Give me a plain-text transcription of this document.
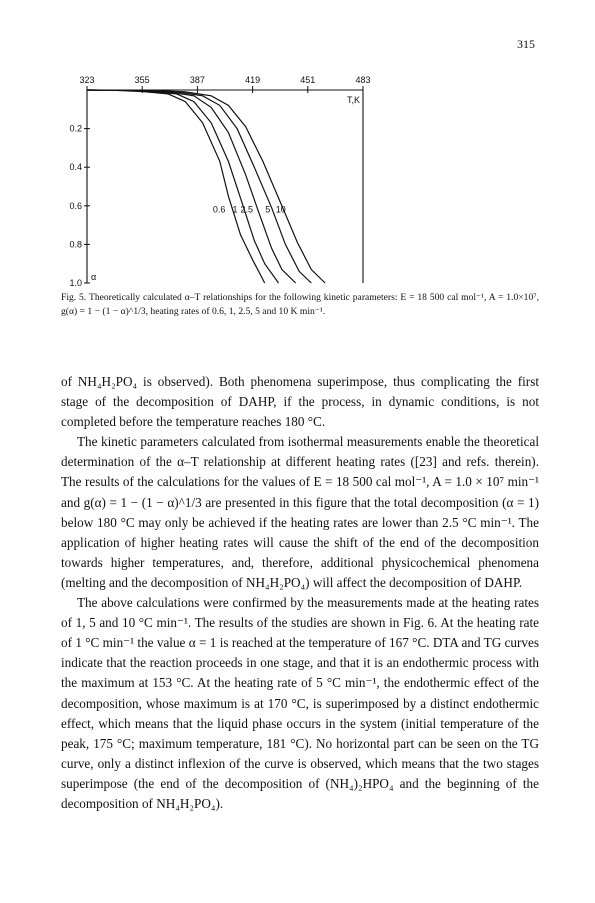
315
323	355	387	419	451	483
T,K
0.2
0.4
0.6
0.8
1.0
α
0.6 1 2.5 5 10
Fig. 5. Theoretically calculated α–T relationships for the following kinetic parameters: E = 18 500 cal mol⁻¹, A = 1.0×10⁷, g(α) = 1 − (1 − α)^1/3, heating rates of 0.6, 1, 2.5, 5 and 10 K min⁻¹.

of NH₄H₂PO₄ is observed). Both phenomena superimpose, thus complicating the first stage of the decomposition of DAHP, if the process, in dynamic conditions, is not completed before the temperature reaches 180 °C.

The kinetic parameters calculated from isothermal measurements enable the theoretical determination of the α–T relationship at different heating rates ([23] and refs. therein). The results of the calculations for the values of E = 18 500 cal mol⁻¹, A = 1.0 × 10⁷ min⁻¹ and g(α) = 1 − (1 − α)^1/3 are presented in this figure that the total decomposition (α = 1) below 180 °C may only be achieved if the heating rates are lower than 2.5 °C min⁻¹. The application of higher heating rates will cause the shift of the end of the decomposition towards higher temperatures, and, therefore, additional physicochemical phenomena (melting and the decomposition of NH₄H₂PO₄) will affect the decomposition of DAHP.

The above calculations were confirmed by the measurements made at the heating rates of 1, 5 and 10 °C min⁻¹. The results of the studies are shown in Fig. 6. At the heating rate of 1 °C min⁻¹ the value α = 1 is reached at the temperature of 167 °C. DTA and TG curves indicate that the reaction proceeds in one stage, and that it is an endothermic process with the maximum at 153 °C. At the heating rate of 5 °C min⁻¹, the endothermic effect of the decomposition, whose maximum is at 170 °C, is superimposed by a distinct endothermic effect, which means that the liquid phase occurs in the system (initial temperature of the peak, 175 °C; maximum temperature, 181 °C). No horizontal part can be seen on the TG curve, only a distinct inflexion of the curve is observed, which means that the two stages superimpose (the end of the decomposition of (NH₄)₂HPO₄ and the beginning of the decomposition of NH₄H₂PO₄).
